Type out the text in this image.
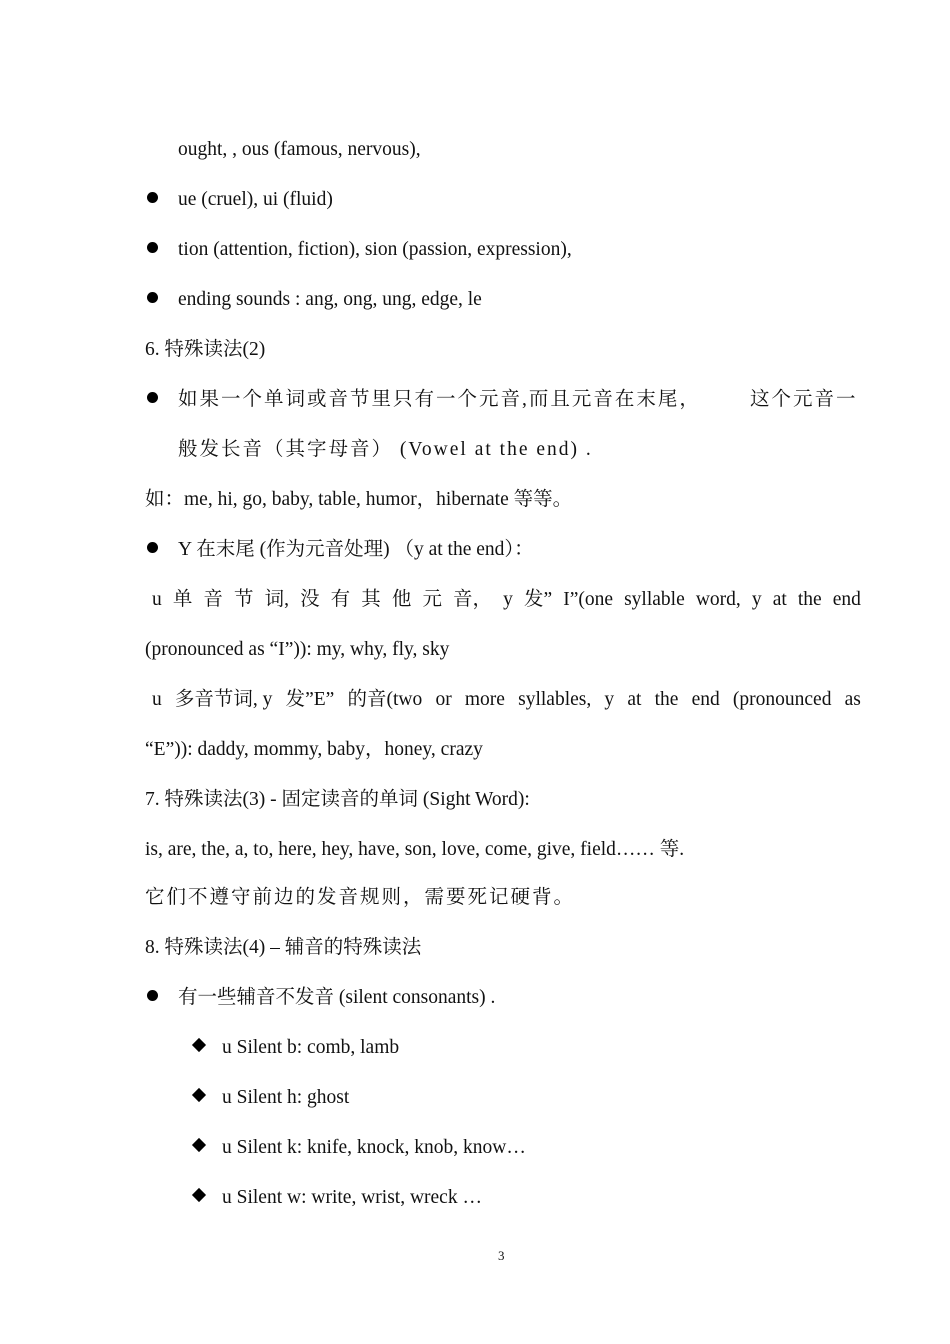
ought, , ous (famous, nervous),
ue (cruel), ui (fluid)
tion (attention, fiction), sion (passion, expression),
ending sounds : ang, ong, ung, edge, le
6. 特殊读法(2)
如果一个单词或音节里只有一个元音,而且元音在末尾，	这个元音一
般发长音（其字母音） (Vowel at the end) .
如：me, hi, go, baby, table, humor，hibernate 等等。
Y 在末尾 (作为元音处理) （y at the end）：
u 单 音 节 词, 没 有 其 他 元 音， y 发” I”(one syllable word, y at the end
(pronounced as “I”)): my, why, fly, sky
u 多音节词, y 发”E” 的音(two or more syllables, y at the end (pronounced as
“E”)): daddy, mommy, baby，honey, crazy
7. 特殊读法(3) - 固定读音的单词 (Sight Word):
is, are, the, a, to, here, hey, have, son, love, come, give, field…… 等.
它们不遵守前边的发音规则，需要死记硬背。
8. 特殊读法(4) – 辅音的特殊读法
有一些辅音不发音 (silent consonants) .
u Silent b: comb, lamb
u Silent h: ghost
u Silent k: knife, knock, knob, know…
u Silent w: write, wrist, wreck …
3
